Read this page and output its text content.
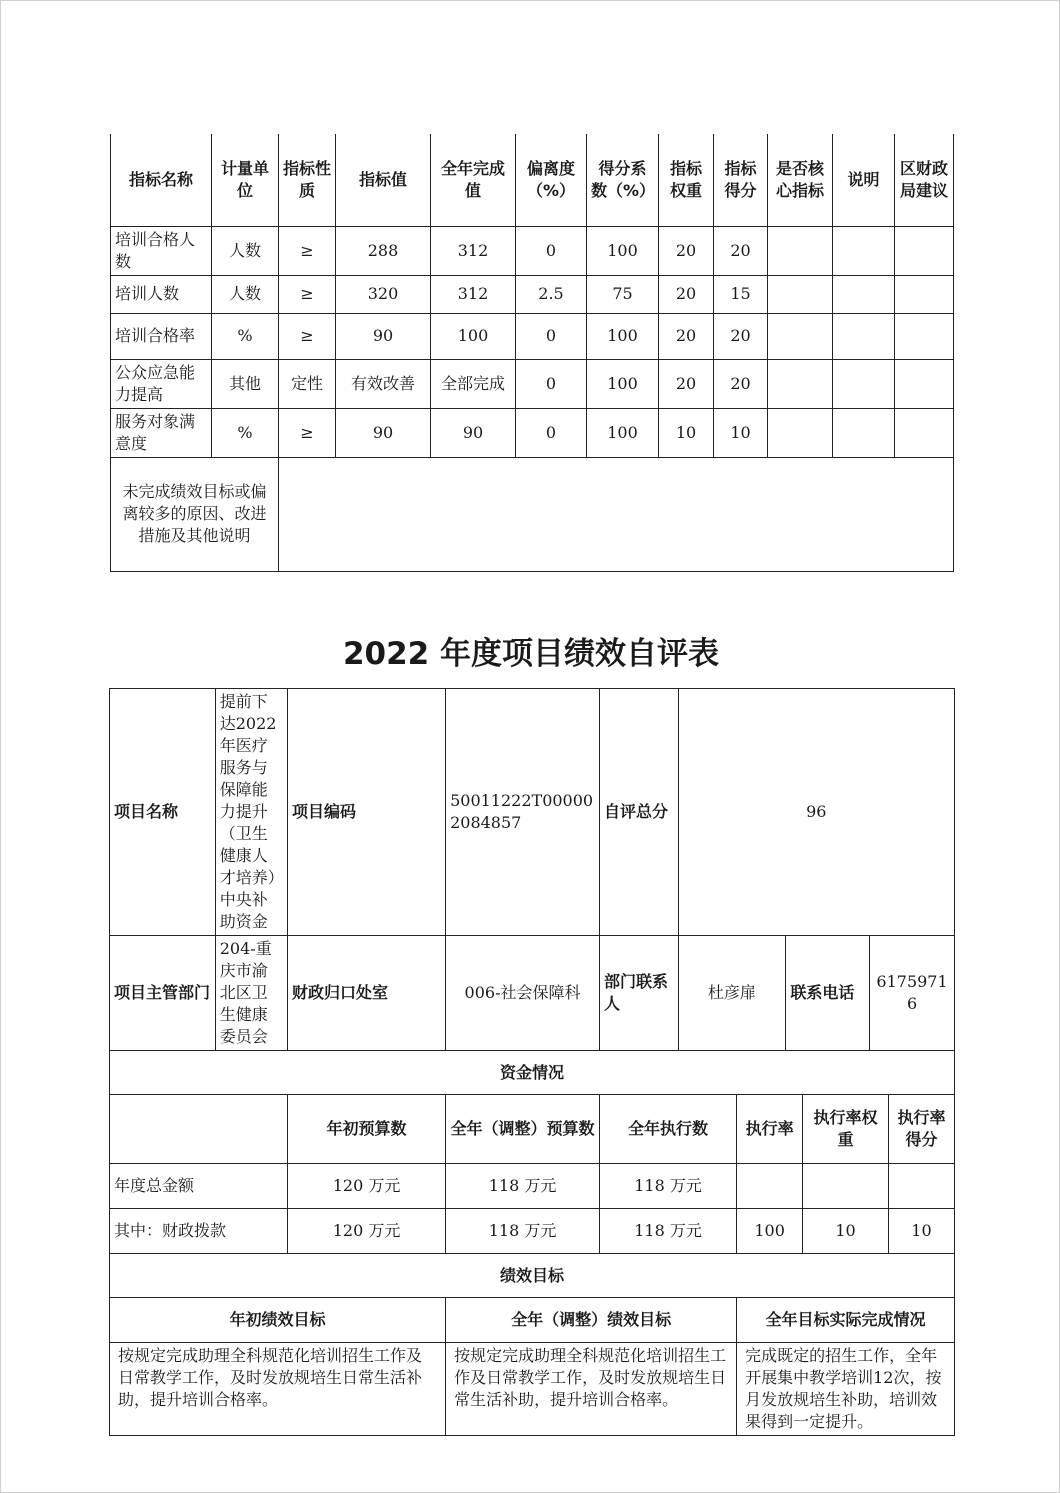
指标名称	计量单位	指标性质	指标值	全年完成值	偏离度（%）	得分系数（%）	指标权重	指标得分	是否核心指标	说明	区财政局建议
培训合格人数	人数	≥	288	312	0	100	20	20			
培训人数	人数	≥	320	312	2.5	75	20	15			
培训合格率	%	≥	90	100	0	100	20	20			
公众应急能力提高	其他	定性	有效改善	全部完成	0	100	20	20			
服务对象满意度	%	≥	90	90	0	100	10	10			
未完成绩效目标或偏离较多的原因、改进措施及其他说明											
2022 年度项目绩效自评表
项目名称	提前下达2022年医疗服务与保障能力提升（卫生健康人才培养）中央补助资金	项目编码	50011222T000002084857	自评总分	96					
项目主管部门	204-重庆市渝北区卫生健康委员会	财政归口处室	006-社会保障科	部门联系人	杜彦扉		联系电话		61759716	
资金情况										
		年初预算数	全年（调整）预算数	全年执行数		执行率		执行率权重		执行率得分
年度总金额		120 万元	118 万元	118 万元						
其中：财政拨款		120 万元	118 万元	118 万元		100		10		10
绩效目标										
年初绩效目标			全年（调整）绩效目标			全年目标实际完成情况				
按规定完成助理全科规范化培训招生工作及日常教学工作，及时发放规培生日常生活补助，提升培训合格率。			按规定完成助理全科规范化培训招生工作及日常教学工作，及时发放规培生日常生活补助，提升培训合格率。			完成既定的招生工作，全年开展集中教学培训12次，按月发放规培生补助，培训效果得到一定提升。				
